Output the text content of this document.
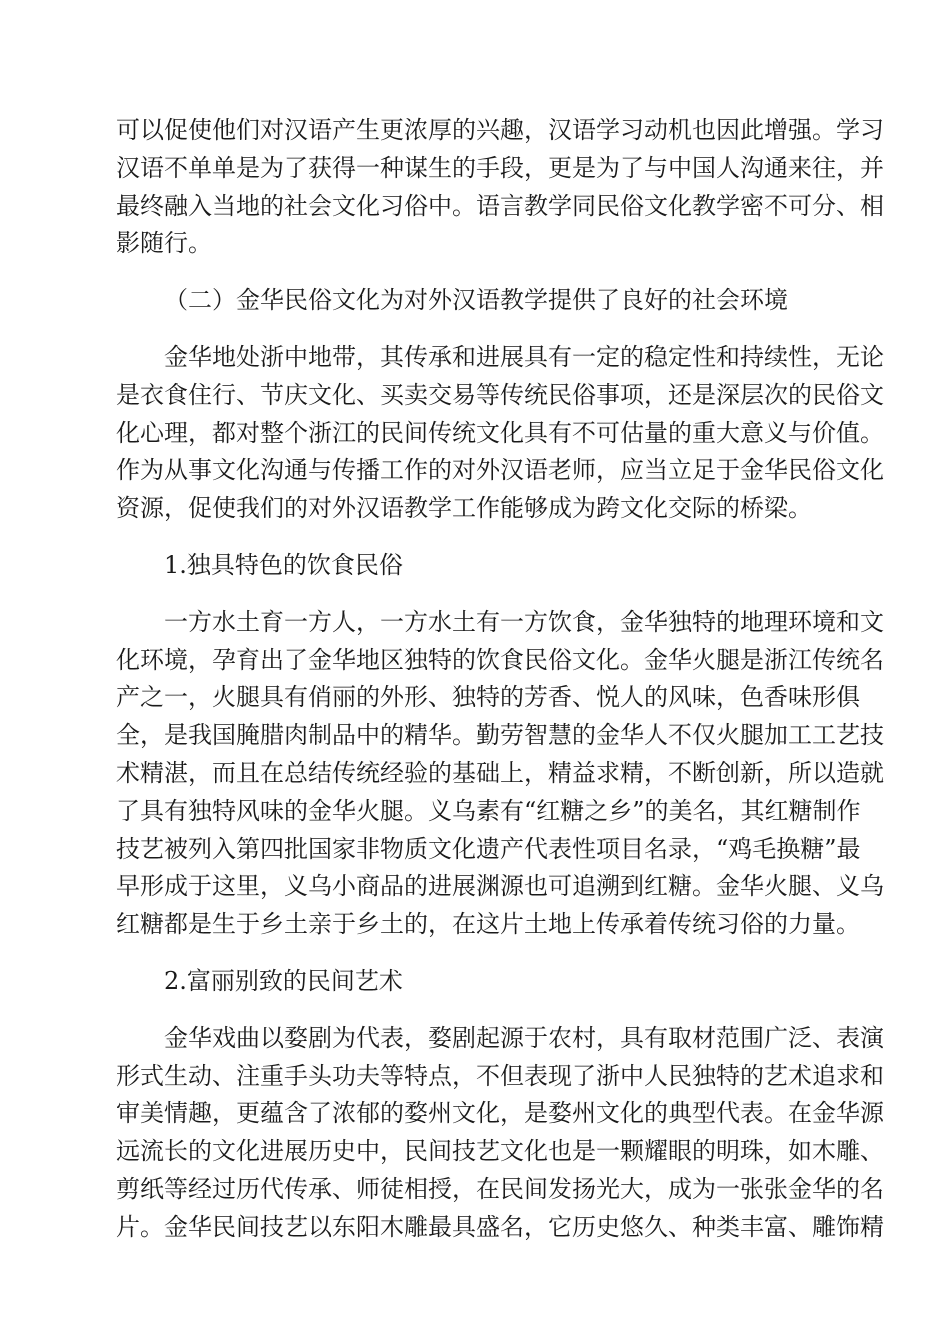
可以促使他们对汉语产生更浓厚的兴趣，汉语学习动机也因此增强。学习
汉语不单单是为了获得一种谋生的手段，更是为了与中国人沟通来往，并
最终融入当地的社会文化习俗中。语言教学同民俗文化教学密不可分、相
影随行。
（二）金华民俗文化为对外汉语教学提供了良好的社会环境
金华地处浙中地带，其传承和进展具有一定的稳定性和持续性，无论
是衣食住行、节庆文化、买卖交易等传统民俗事项，还是深层次的民俗文
化心理，都对整个浙江的民间传统文化具有不可估量的重大意义与价值。
作为从事文化沟通与传播工作的对外汉语老师，应当立足于金华民俗文化
资源，促使我们的对外汉语教学工作能够成为跨文化交际的桥梁。
1.独具特色的饮食民俗
一方水土育一方人，一方水土有一方饮食，金华独特的地理环境和文
化环境，孕育出了金华地区独特的饮食民俗文化。金华火腿是浙江传统名
产之一，火腿具有俏丽的外形、独特的芳香、悦人的风味，色香味形俱
全，是我国腌腊肉制品中的精华。勤劳智慧的金华人不仅火腿加工工艺技
术精湛，而且在总结传统经验的基础上，精益求精，不断创新，所以造就
了具有独特风味的金华火腿。义乌素有“红糖之乡”的美名，其红糖制作
技艺被列入第四批国家非物质文化遗产代表性项目名录，“鸡毛换糖”最
早形成于这里，义乌小商品的进展渊源也可追溯到红糖。金华火腿、义乌
红糖都是生于乡土亲于乡土的，在这片土地上传承着传统习俗的力量。
2.富丽别致的民间艺术
金华戏曲以婺剧为代表，婺剧起源于农村，具有取材范围广泛、表演
形式生动、注重手头功夫等特点，不但表现了浙中人民独特的艺术追求和
审美情趣，更蕴含了浓郁的婺州文化，是婺州文化的典型代表。在金华源
远流长的文化进展历史中，民间技艺文化也是一颗耀眼的明珠，如木雕、
剪纸等经过历代传承、师徒相授，在民间发扬光大，成为一张张金华的名
片。金华民间技艺以东阳木雕最具盛名，它历史悠久、种类丰富、雕饰精
